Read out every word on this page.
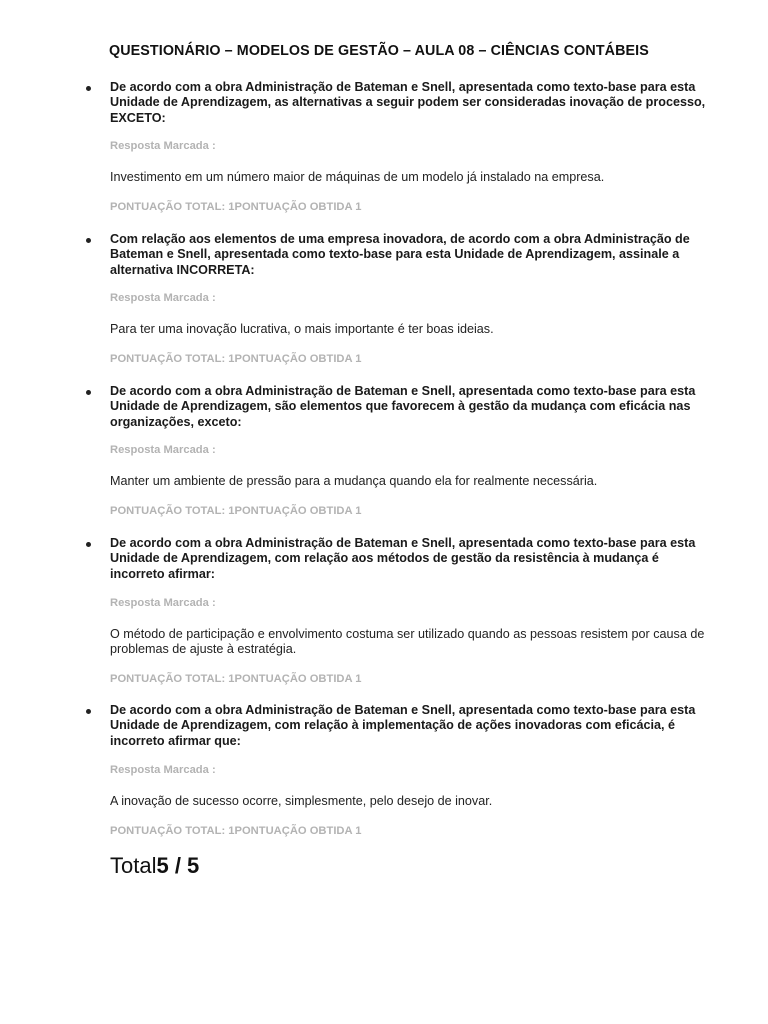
QUESTIONÁRIO – MODELOS DE GESTÃO – AULA 08 – CIÊNCIAS CONTÁBEIS
De acordo com a obra Administração de Bateman e Snell, apresentada como texto-base para esta Unidade de Aprendizagem, as alternativas a seguir podem ser consideradas inovação de processo, EXCETO:
Resposta Marcada :
Investimento em um número maior de máquinas de um modelo já instalado na empresa.
PONTUAÇÃO TOTAL: 1PONTUAÇÃO OBTIDA 1
Com relação aos elementos de uma empresa inovadora, de acordo com a obra Administração de Bateman e Snell, apresentada como texto-base para esta Unidade de Aprendizagem, assinale a alternativa INCORRETA:
Resposta Marcada :
Para ter uma inovação lucrativa, o mais importante é ter boas ideias.
PONTUAÇÃO TOTAL: 1PONTUAÇÃO OBTIDA 1
De acordo com a obra Administração de Bateman e Snell, apresentada como texto-base para esta Unidade de Aprendizagem, são elementos que favorecem à gestão da mudança com eficácia nas organizações, exceto:
Resposta Marcada :
Manter um ambiente de pressão para a mudança quando ela for realmente necessária.
PONTUAÇÃO TOTAL: 1PONTUAÇÃO OBTIDA 1
De acordo com a obra Administração de Bateman e Snell, apresentada como texto-base para esta Unidade de Aprendizagem, com relação aos métodos de gestão da resistência à mudança é incorreto afirmar:
Resposta Marcada :
O método de participação e envolvimento costuma ser utilizado quando as pessoas resistem por causa de problemas de ajuste à estratégia.
PONTUAÇÃO TOTAL: 1PONTUAÇÃO OBTIDA 1
De acordo com a obra Administração de Bateman e Snell, apresentada como texto-base para esta Unidade de Aprendizagem, com relação à implementação de ações inovadoras com eficácia, é incorreto afirmar que:
Resposta Marcada :
A inovação de sucesso ocorre, simplesmente, pelo desejo de inovar.
PONTUAÇÃO TOTAL: 1PONTUAÇÃO OBTIDA 1
Total5 / 5
